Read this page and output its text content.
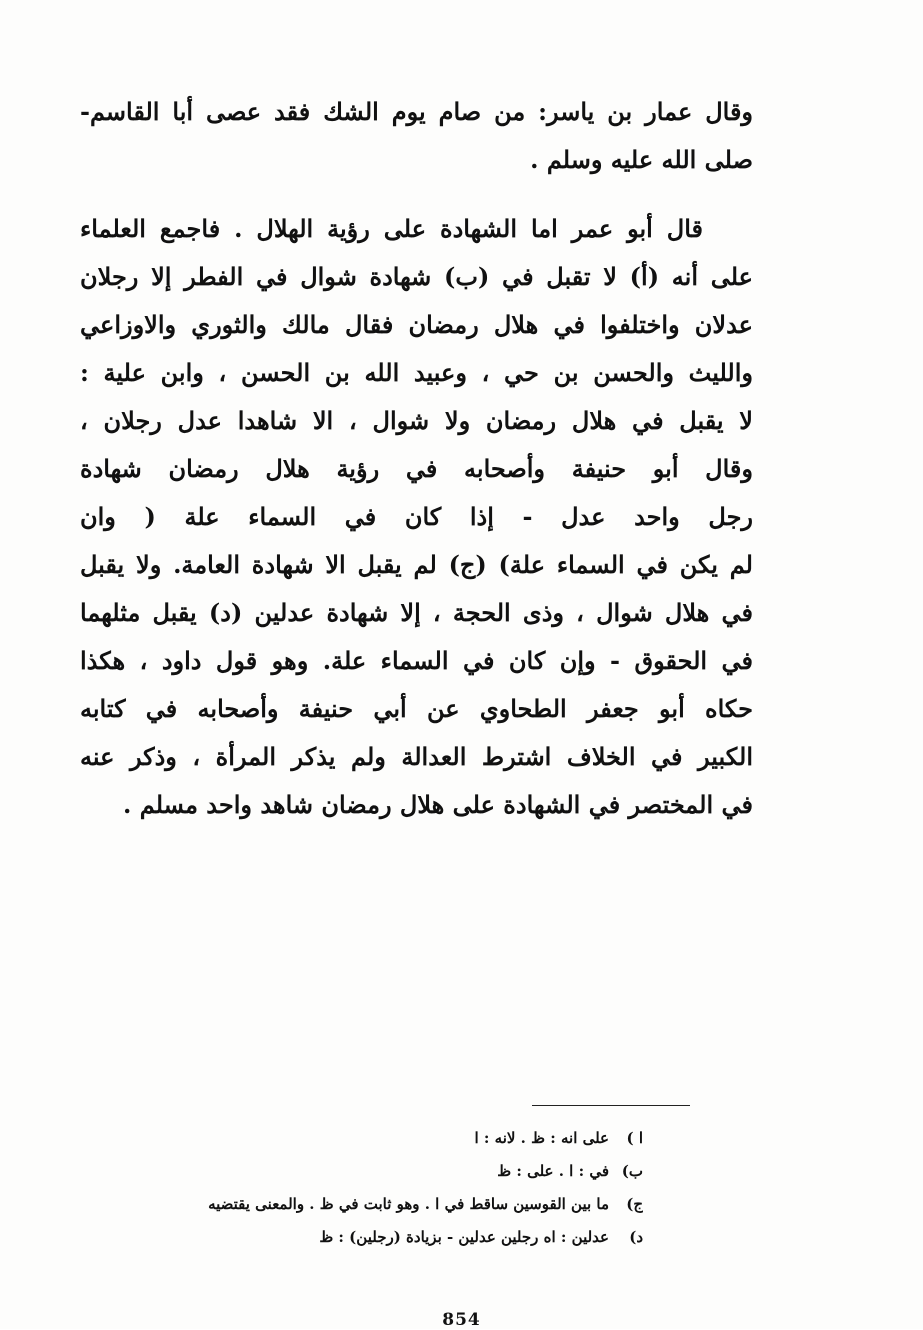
وقال عمار بن ياسر: من صام يوم الشك فقد عصى أبا القاسم-
صلى الله عليه وسلم .
قال أبو عمر اما الشهادة على رؤية الهلال . فاجمع العلماء
على أنه (أ) لا تقبل في (ب) شهادة شوال في الفطر إلا رجلان
عدلان واختلفوا في هلال رمضان فقال مالك والثوري والاوزاعي
والليث والحسن بن حي ، وعبيد الله بن الحسن ، وابن علية :
لا يقبل في هلال رمضان ولا شوال ، الا شاهدا عدل رجلان ،
وقال أبو حنيفة وأصحابه في رؤية هلال رمضان شهادة
رجل واحد عدل - إذا كان في السماء علة ( وان
لم يكن في السماء علة) (ج) لم يقبل الا شهادة العامة. ولا يقبل
في هلال شوال ، وذى الحجة ، إلا شهادة عدلين (د) يقبل مثلهما
في الحقوق - وإن كان في السماء علة. وهو قول داود ، هكذا
حكاه أبو جعفر الطحاوي عن أبي حنيفة وأصحابه في كتابه
الكبير في الخلاف اشترط العدالة ولم يذكر المرأة ، وذكر عنه
في المختصر في الشهادة على هلال رمضان شاهد واحد مسلم .
ا )
على انه : ظ . لانه : ا
ب)
في : ا . على : ظ
ج)
ما بين القوسين ساقط في ا . وهو ثابت في ظ . والمعنى يقتضيه
د)
عدلين : اه رجلين عدلين - بزيادة (رجلين) : ظ
854
